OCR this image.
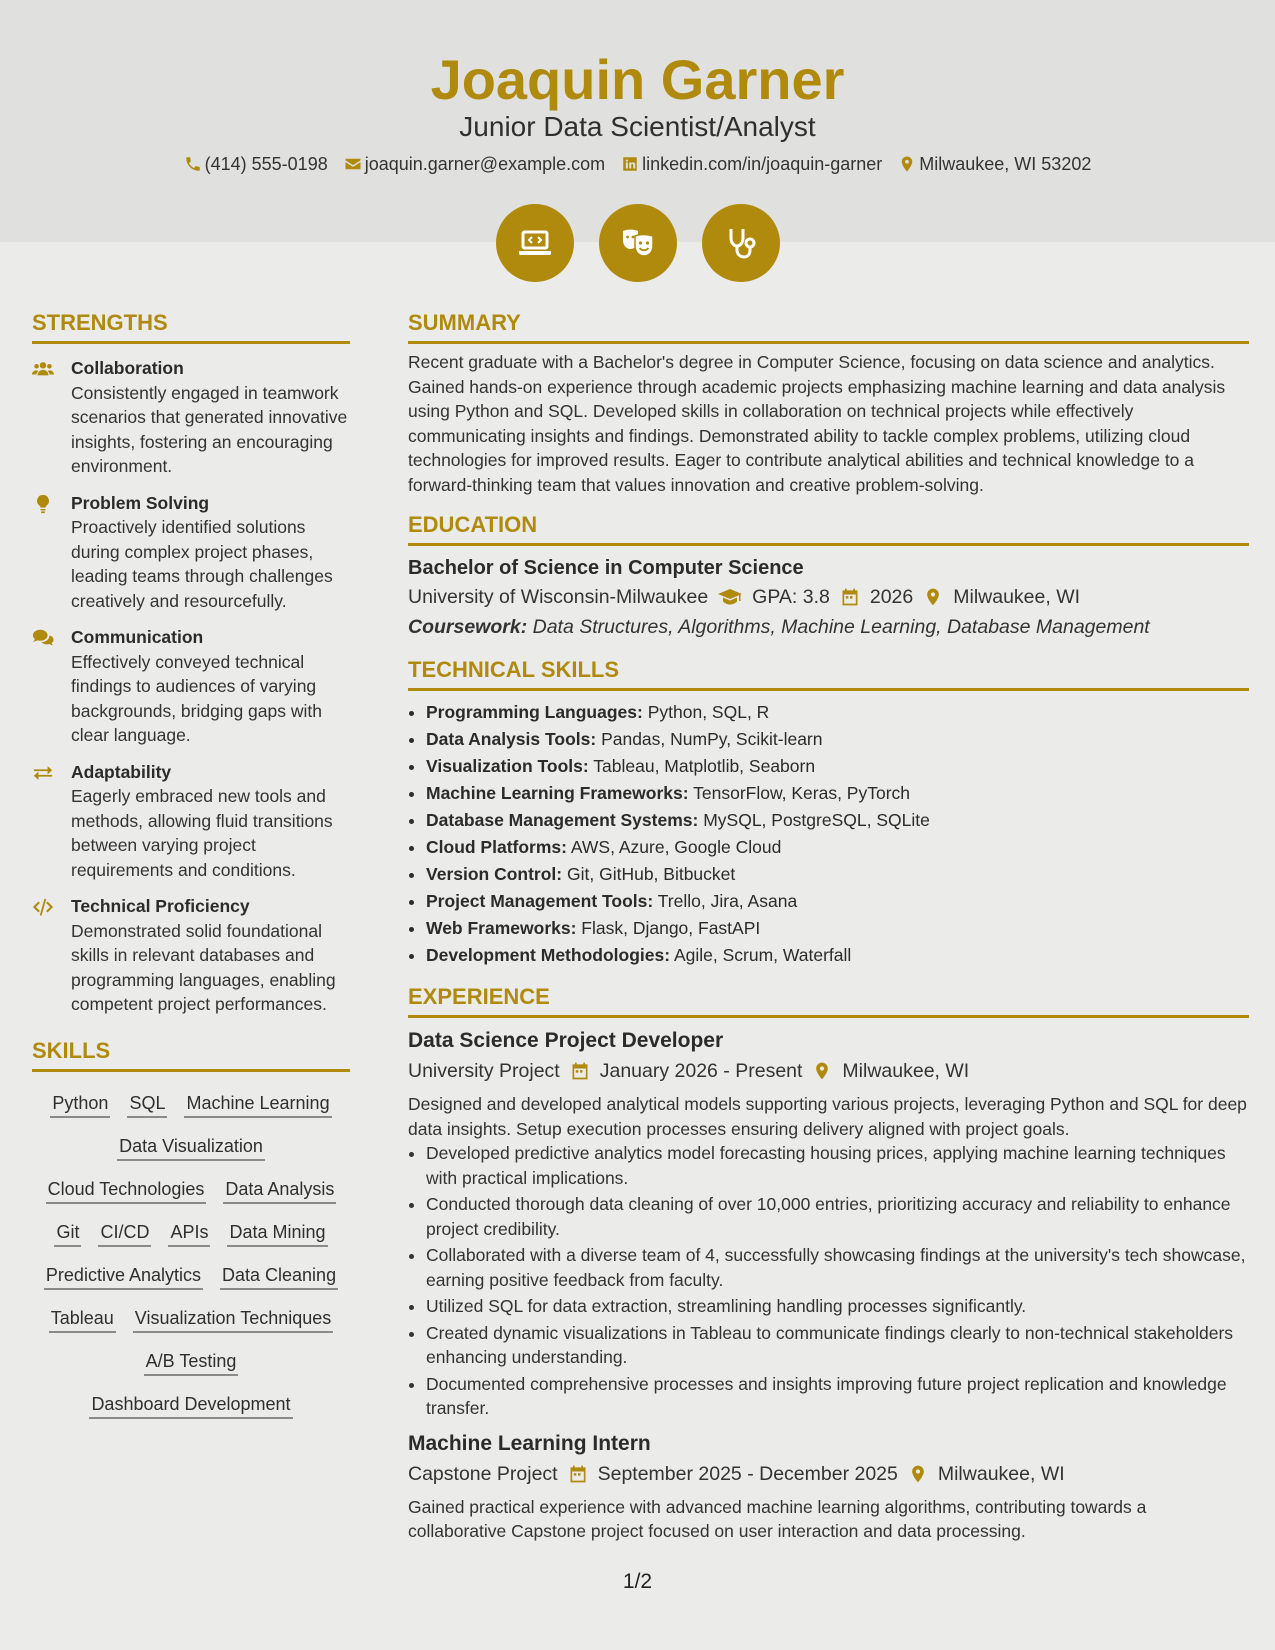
Joaquin Garner
Junior Data Scientist/Analyst
(414) 555-0198 joaquin.garner@example.com linkedin.com/in/joaquin-garner Milwaukee, WI 53202
STRENGTHS
Collaboration
Consistently engaged in teamwork scenarios that generated innovative insights, fostering an encouraging environment.
Problem Solving
Proactively identified solutions during complex project phases, leading teams through challenges creatively and resourcefully.
Communication
Effectively conveyed technical findings to audiences of varying backgrounds, bridging gaps with clear language.
Adaptability
Eagerly embraced new tools and methods, allowing fluid transitions between varying project requirements and conditions.
Technical Proficiency
Demonstrated solid foundational skills in relevant databases and programming languages, enabling competent project performances.
SKILLS
Python SQL Machine Learning
Data Visualization
Cloud Technologies Data Analysis
Git CI/CD APIs Data Mining
Predictive Analytics Data Cleaning
Tableau Visualization Techniques
A/B Testing
Dashboard Development
SUMMARY
Recent graduate with a Bachelor's degree in Computer Science, focusing on data science and analytics. Gained hands-on experience through academic projects emphasizing machine learning and data analysis using Python and SQL. Developed skills in collaboration on technical projects while effectively communicating insights and findings. Demonstrated ability to tackle complex problems, utilizing cloud technologies for improved results. Eager to contribute analytical abilities and technical knowledge to a forward-thinking team that values innovation and creative problem-solving.
EDUCATION
Bachelor of Science in Computer Science
University of Wisconsin-Milwaukee GPA: 3.8 2026 Milwaukee, WI
Coursework: Data Structures, Algorithms, Machine Learning, Database Management
TECHNICAL SKILLS
• Programming Languages: Python, SQL, R
• Data Analysis Tools: Pandas, NumPy, Scikit-learn
• Visualization Tools: Tableau, Matplotlib, Seaborn
• Machine Learning Frameworks: TensorFlow, Keras, PyTorch
• Database Management Systems: MySQL, PostgreSQL, SQLite
• Cloud Platforms: AWS, Azure, Google Cloud
• Version Control: Git, GitHub, Bitbucket
• Project Management Tools: Trello, Jira, Asana
• Web Frameworks: Flask, Django, FastAPI
• Development Methodologies: Agile, Scrum, Waterfall
EXPERIENCE
Data Science Project Developer
University Project January 2026 - Present Milwaukee, WI
Designed and developed analytical models supporting various projects, leveraging Python and SQL for deep data insights. Setup execution processes ensuring delivery aligned with project goals.
• Developed predictive analytics model forecasting housing prices, applying machine learning techniques with practical implications.
• Conducted thorough data cleaning of over 10,000 entries, prioritizing accuracy and reliability to enhance project credibility.
• Collaborated with a diverse team of 4, successfully showcasing findings at the university's tech showcase, earning positive feedback from faculty.
• Utilized SQL for data extraction, streamlining handling processes significantly.
• Created dynamic visualizations in Tableau to communicate findings clearly to non-technical stakeholders enhancing understanding.
• Documented comprehensive processes and insights improving future project replication and knowledge transfer.
Machine Learning Intern
Capstone Project September 2025 - December 2025 Milwaukee, WI
Gained practical experience with advanced machine learning algorithms, contributing towards a collaborative Capstone project focused on user interaction and data processing.
1/2
